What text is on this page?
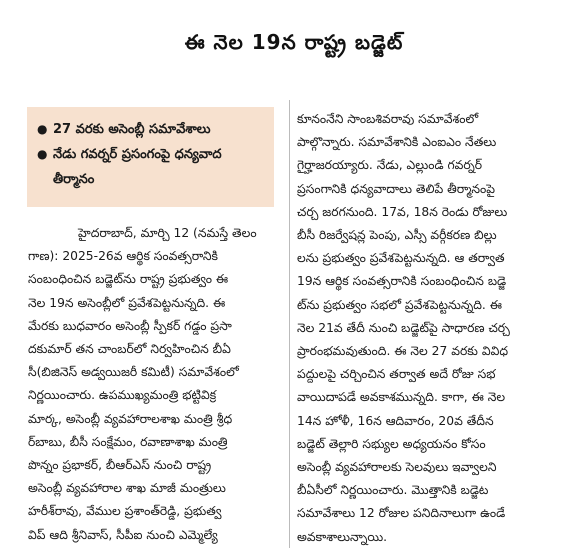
ఈ నెల 19న రాష్ట్ర బడ్జెట్
● 27 వరకు అసెంబ్లీ సమావేశాలు
● నేడు గవర్నర్ ప్రసంగంపై ధన్యవాద తీర్మానం
హైదరాబాద్, మార్చి 12 (నమస్తే తెలం
గాణ): 2025-26వ ఆర్థిక సంవత్సరానికి
సంబంధించిన బడ్జెట్‌ను రాష్ట్ర ప్రభుత్వం ఈ
నెల 19న అసెంబ్లీలో ప్రవేశపెట్టనున్నది. ఈ
మేరకు బుధవారం అసెంబ్లీ స్పీకర్ గడ్డం ప్రసా
దకుమార్ తన చాంబర్‌లో నిర్వహించిన బీఏ
సీ(బిజినెస్ అడ్వయిజరీ కమిటీ) సమావేశంలో
నిర్ణయించారు. ఉపముఖ్యమంత్రి భట్టివిక్ర
మార్క, అసెంబ్లీ వ్యవహారాలశాఖ మంత్రి శ్రీధ
ర్‌బాబు, బీసీ సంక్షేమం, రవాణాశాఖ మంత్రి
పొన్నం ప్రభాకర్, బీఆర్‌ఎస్ నుంచి రాష్ట్ర
అసెంబ్లీ వ్యవహారాల శాఖ మాజీ మంత్రులు
హరీశ్‌రావు, వేముల ప్రశాంత్‌రెడ్డి, ప్రభుత్వ
విప్ ఆది శ్రీనివాస్, సీపీఐ నుంచి ఎమ్మెల్యే
కూనంనేని సాంబశివరావు సమావేశంలో
పాల్గొన్నారు. సమావేశానికి ఎంఐఎం నేతలు
గైర్హాజరయ్యారు. నేడు, ఎల్లుండి గవర్నర్
ప్రసంగానికి ధన్యవాదాలు తెలిపే తీర్మానంపై
చర్చ జరగనుంది. 17వ, 18న రెండు రోజులు
బీసీ రిజర్వేషన్ల పెంపు, ఎస్సీ వర్గీకరణ బిల్లు
లను ప్రభుత్వం ప్రవేశపెట్టనున్నది. ఆ తర్వాత
19న ఆర్థిక సంవత్సరానికి సంబంధించిన బడ్జె
ట్‌ను ప్రభుత్వం సభలో ప్రవేశపెట్టనున్నది. ఈ
నెల 21వ తేదీ నుంచి బడ్జెట్‌పై సాధారణ చర్చ
ప్రారంభమవుతుంది. ఈ నెల 27 వరకు వివిధ
పద్దులపై చర్చించిన తర్వాత అదే రోజు సభ
వాయిదాపడే అవకాశమున్నది. కాగా, ఈ నెల
14న హోళీ, 16న ఆదివారం, 20వ తేదీన
బడ్జెట్ తెల్లారి సభ్యుల అధ్యయనం కోసం
అసెంబ్లీ వ్యవహారాలకు సెలవులు ఇవ్వాలని
బీఏసీలో నిర్ణయించారు. మొత్తానికి బడ్జెట
సమావేశాలు 12 రోజుల పనిదినాలుగా ఉండే
అవకాశాలున్నాయి.
